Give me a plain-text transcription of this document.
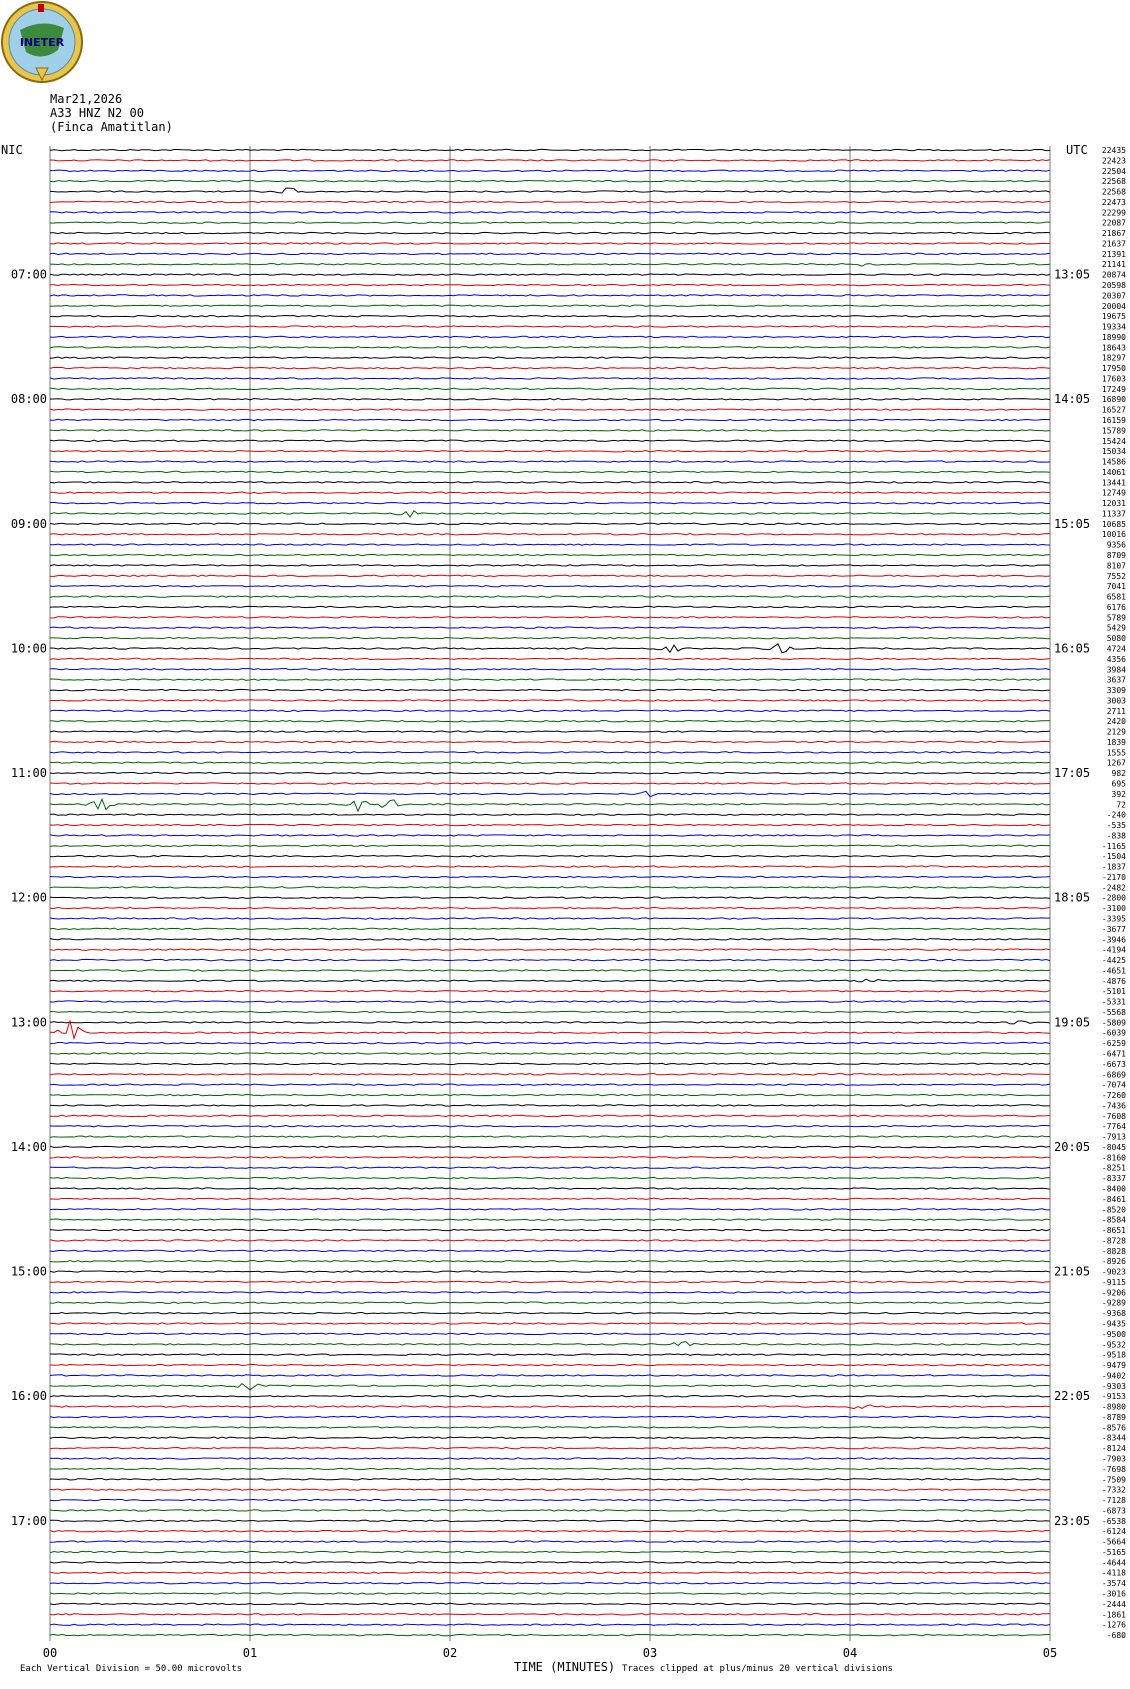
INETER
Mar21,2026
A33 HNZ N2 00
(Finca Amatitlan)
00	01	02	03	04	05
22435
22423
22504
22568
22568
22473
22299
22087
21867
21637
21391
21141
20874
20598
20307
20004
19675
19334
18990
18643
18297
17950
17603
17249
16890
16527
16159
15789
15424
15034
14586
14061
13441
12749
12031
11337
10685
10016
9356
8709
8107
7552
7041
6581
6176
5789
5429
5080
4724
4356
3984
3637
3309
3003
2711
2420
2129
1839
1555
1267
982
695
392
72
-240
-535
-838
-1165
-1504
-1837
-2170
-2482
-2800
-3100
-3395
-3677
-3946
-4194
-4425
-4651
-4876
-5101
-5331
-5568
-5809
-6039
-6259
-6471
-6673
-6869
-7074
-7260
-7436
-7608
-7764
-7913
-8045
-8160
-8251
-8337
-8400
-8461
-8520
-8584
-8651
-8728
-8828
-8926
-9023
-9115
-9206
-9289
-9368
-9435
-9500
-9532
-9518
-9479
-9402
-9303
-9153
-8980
-8789
-8576
-8344
-8124
-7903
-7698
-7509
-7332
-7128
-6873
-6538
-6124
-5664
-5165
-4644
-4118
-3574
-3016
-2444
-1861
-1276
-680
07:00	13:05
08:00	14:05
09:00	15:05
10:00	16:05
11:00	17:05
12:00	18:05
13:00	19:05
14:00	20:05
15:00	21:05
16:00	22:05
17:00	23:05
NIC	UTC
Each Vertical Division = 50.00 microvolts	TIME (MINUTES) Traces clipped at plus/minus 20 vertical divisions
